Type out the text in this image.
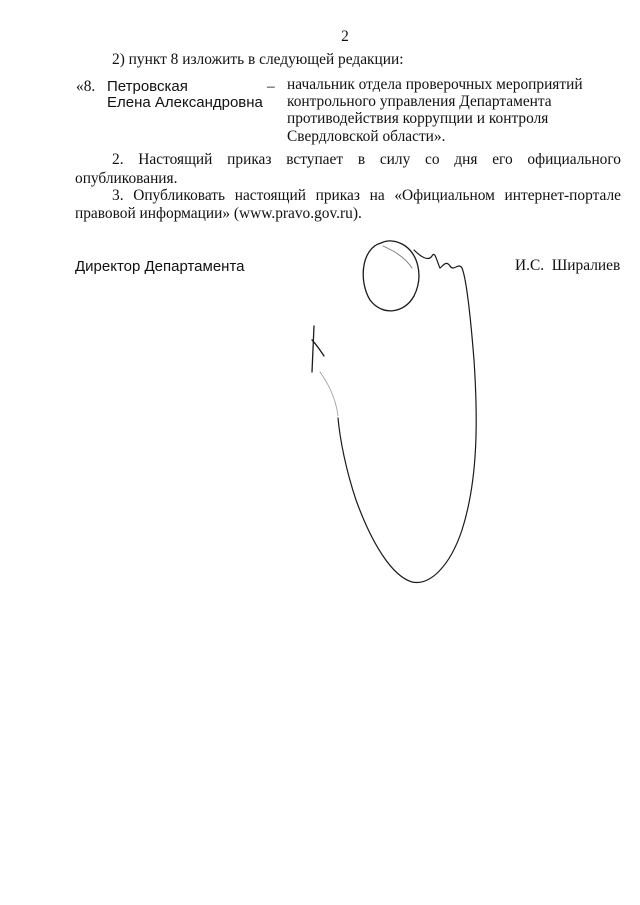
2
2) пункт 8 изложить в следующей редакции:
«8. Петровская
Елена Александровна
– начальник отдела проверочных мероприятий
контрольного управления Департамента
противодействия коррупции и контроля
Свердловской области».
2. Настоящий приказ вступает в силу со дня его официального
опубликования.
3. Опубликовать настоящий приказ на «Официальном интернет-портале
правовой информации» (www.pravo.gov.ru).
Директор Департамента	И.С.  Ширалиев
